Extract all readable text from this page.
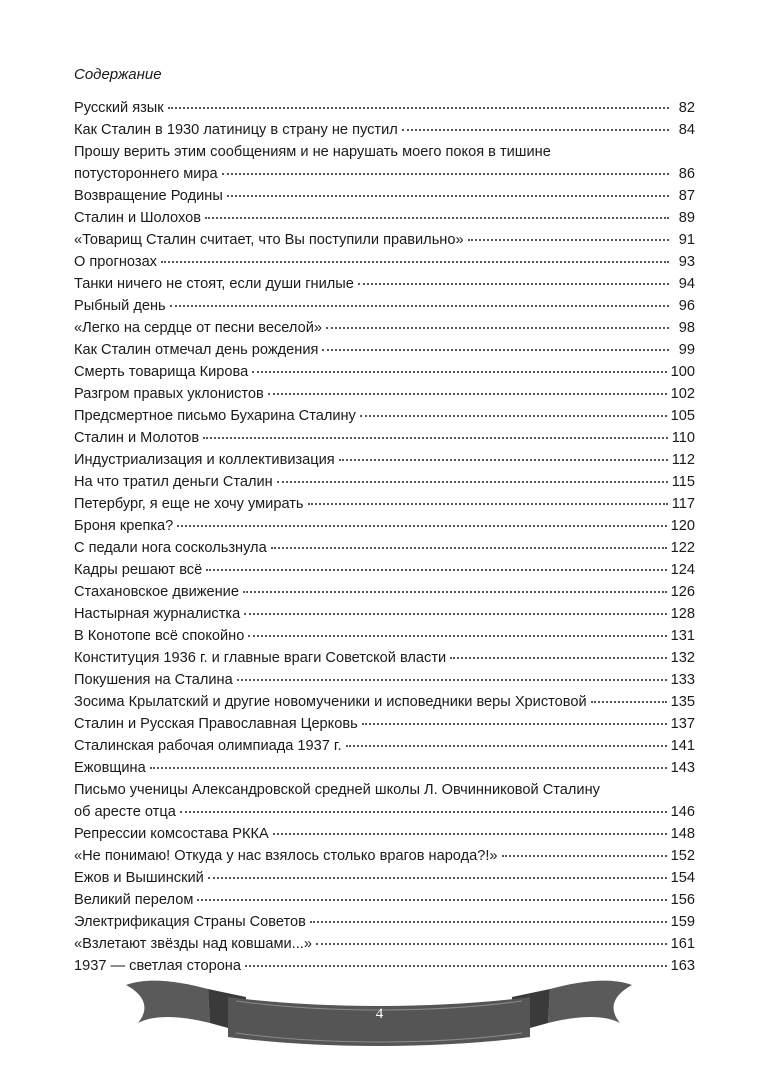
Содержание
Русский язык	82
Как Сталин в 1930 латиницу в страну не пустил	84
Прошу верить этим сообщениям и не нарушать моего покоя в тишине
потустороннего мира	86
Возвращение Родины	87
Сталин и Шолохов	89
«Товарищ Сталин считает, что Вы поступили правильно»	91
О прогнозах	93
Танки ничего не стоят, если души гнилые	94
Рыбный день	96
«Легко на сердце от песни веселой»	98
Как Сталин отмечал день рождения	99
Смерть товарища Кирова	100
Разгром правых уклонистов	102
Предсмертное письмо Бухарина Сталину	105
Сталин и Молотов	110
Индустриализация и коллективизация	112
На что тратил деньги Сталин	115
Петербург, я еще не хочу умирать	117
Броня крепка?	120
С педали нога соскользнула	122
Кадры решают всё	124
Стахановское движение	126
Настырная журналистка	128
В Конотопе всё спокойно	131
Конституция 1936 г. и главные враги Советской власти	132
Покушения на Сталина	133
Зосима Крылатский и другие новомученики и исповедники веры Христовой	135
Сталин и Русская Православная Церковь	137
Сталинская рабочая олимпиада 1937 г.	141
Ежовщина	143
Письмо ученицы Александровской средней школы Л. Овчинниковой Сталину
об аресте отца	146
Репрессии комсостава РККА	148
«Не понимаю! Откуда у нас взялось столько врагов народа?!»	152
Ежов и Вышинский	154
Великий перелом	156
Электрификация Страны Советов	159
«Взлетают звёзды над ковшами...»	161
1937 — светлая сторона	163
4
